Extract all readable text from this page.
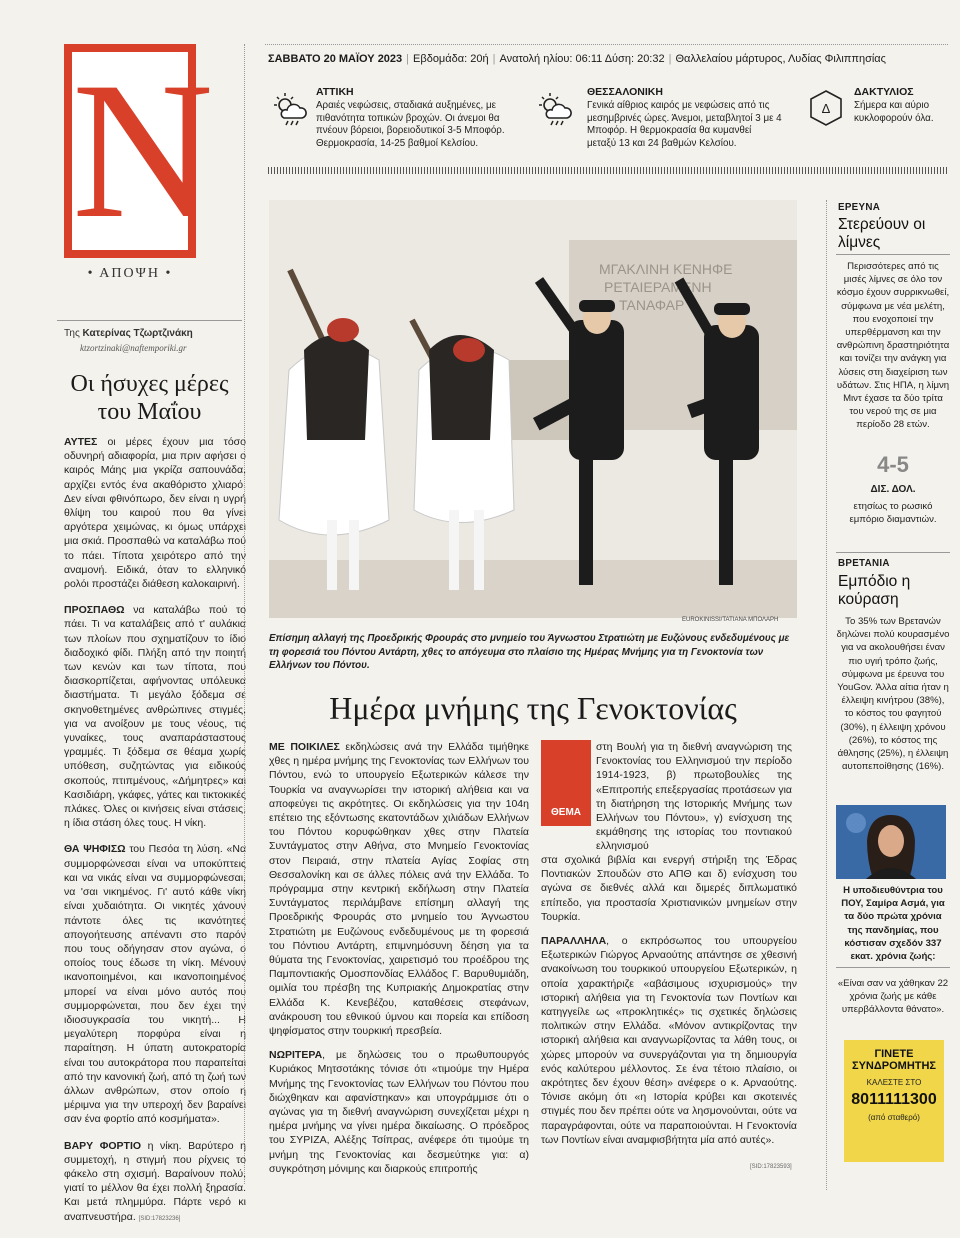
N
• ΑΠΟΨΗ •
Της Κατερίνας Τζωρτζινάκη
ktzortzinaki@naftemporiki.gr
Οι ήσυχες μέρες του Μαΐου

ΑΥΤΕΣ οι μέρες έχουν μια τόσο οδυνηρή αδιαφορία, μια πριν αφήσει ο καιρός Μάης μια γκρίζα σαπουνάδα, αρχίζει εντός ένα ακαθόριστο χλιαρό. Δεν είναι φθινόπωρο, δεν είναι η υγρή θλίψη του καιρού που θα γίνει αργότερα χειμώνας, κι όμως υπάρχει μια σκιά. Προσπαθώ να καταλάβω πού το πάει. Τίποτα χειρότερο από την αναμονή. Ειδικά, όταν το ελληνικό ρολόι προστάζει διάθεση καλοκαιρινή.

ΠΡΟΣΠΑΘΩ να καταλάβω πού το πάει. Τι να καταλάβεις από τ' αυλάκια των πλοίων που σχηματίζουν το ίδιο διαδοχικό φίδι. Πλήξη από την ποιητή των κενών και των τίποτα, που διασκορπίζεται, αφήνοντας υπόλευκα διαστήματα. Τι μεγάλο ξόδεμα σε σκηνοθετημένες ανθρώπινες στιγμές, για να ανοίξουν με τους νέους, τις γυναίκες, τους αναπαράσταστους γραμμές. Τι ξόδεμα σε θέαμα χωρίς υπόθεση, συζητώντας για ειδικούς σκοπούς, πτιπμένους, «Δήμητρες» και Κασιδιάρη, γκάφες, γάτες και τικτοκικές πλάκες. Όλες οι κινήσεις είναι στάσεις, η ίδια στάση όλες τους. Η νίκη.

ΘΑ ΨΗΦΙΣΩ του Πεσόα τη λύση. «Να συμμορφώνεσαι είναι να υποκύπτεις και να νικάς είναι να συμμορφώνεσαι, να 'σαι νικημένος. Γι' αυτό κάθε νίκη είναι χυδαιότητα. Οι νικητές χάνουν πάντοτε όλες τις ικανότητες απογοήτευσης απέναντι στο παρόν που τους οδήγησαν στον αγώνα, ο οποίος τους έδωσε τη νίκη. Μένουν ικανοποιημένοι, και ικανοποιημένος μπορεί να είναι μόνο αυτός που συμμορφώνεται, που δεν έχει την ιδιοσυγκρασία του νικητή... Η μεγαλύτερη πορφύρα είναι η παραίτηση. Η ύπατη αυτοκρατορία είναι του αυτοκράτορα που παραιτείται από την κανονική ζωή, από τη ζωή των άλλων ανθρώπων, στον οποίο η μέριμνα για την υπεροχή δεν βαραίνει σαν ένα φορτίο από κοσμήματα».

ΒΑΡΥ ΦΟΡΤΙΟ η νίκη. Βαρύτερο η συμμετοχή, η στιγμή που ρίχνεις το φάκελο στη σχισμή. Βαραίνουν πολύ, γιατί το μέλλον θα έχει πολλή ξηρασία. Και μετά πλημμύρα. Πάρτε νερό κι αναπνευστήρα. [SID:17823236]

ΣΑΒΒΑΤΟ 20 ΜΑΪΟΥ 2023 | Εβδομάδα: 20ή | Ανατολή ηλίου: 06:11 Δύση: 20:32 | Θαλλελαίου μάρτυρος, Λυδίας Φιλιππησίας
ΑΤΤΙΚΗ
Αραιές νεφώσεις, σταδιακά αυξημένες, με πιθανότητα τοπικών βροχών. Οι άνεμοι θα πνέουν βόρειοι, βορειοδυτικοί 3-5 Μποφόρ. Θερμοκρασία, 14-25 βαθμοί Κελσίου.
ΘΕΣΣΑΛΟΝΙΚΗ
Γενικά αίθριος καιρός με νεφώσεις από τις μεσημβρινές ώρες. Άνεμοι, μεταβλητοί 3 με 4 Μποφόρ. Η θερμοκρασία θα κυμανθεί μεταξύ 13 και 24 βαθμών Κελσίου.
Δ
ΔΑΚΤΥΛΙΟΣ
Σήμερα και αύριο κυκλοφορούν όλα.
ΜΓΑΚΛΙΝΗ ΚΕΝΗΦΕ
ΡΕΤΑΙΕΡΑΜΕΝΗ
ΤΑΝΑΦΑΡ
EUROKINISSI/ΤΑΤΙΑΝΑ ΜΠΟΛΑΡΗ
Επίσημη αλλαγή της Προεδρικής Φρουράς στο μνημείο του Άγνωστου Στρατιώτη με Ευζώνους ενδεδυμένους με τη φορεσιά του Πόντου Αντάρτη, χθες το απόγευμα στο πλαίσιο της Ημέρας Μνήμης για τη Γενοκτονία των Ελλήνων του Πόντου.
Ημέρα μνήμης της Γενοκτονίας

ΜΕ ΠΟΙΚΙΛΕΣ εκδηλώσεις ανά την Ελλάδα τιμήθηκε χθες η ημέρα μνήμης της Γενοκτονίας των Ελλήνων του Πόντου, ενώ το υπουργείο Εξωτερικών κάλεσε την Τουρκία να αναγνωρίσει την ιστορική αλήθεια και να αποφεύγει τις ακρότητες. Οι εκδηλώσεις για την 104η επέτειο της εξόντωσης εκατοντάδων χιλιάδων Ελλήνων του Πόντου κορυφώθηκαν χθες στην Πλατεία Συντάγματος στην Αθήνα, στο Μνημείο Γενοκτονίας στον Πειραιά, στην πλατεία Αγίας Σοφίας στη Θεσσαλονίκη και σε άλλες πόλεις ανά την Ελλάδα. Το πρόγραμμα στην κεντρική εκδήλωση στην Πλατεία Συντάγματος περιλάμβανε επίσημη αλλαγή της Προεδρικής Φρουράς στο μνημείο του Άγνωστου Στρατιώτη με Ευζώνους ενδεδυμένους με τη φορεσιά του Πόντιου Αντάρτη, επιμνημόσυνη δέηση για τα θύματα της Γενοκτονίας, χαιρετισμό του προέδρου της Παμποντιακής Ομοσπονδίας Ελλάδος Γ. Βαρυθυμιάδη, ομιλία του πρέσβη της Κυπριακής Δημοκρατίας στην Ελλάδα Κ. Κενεβέζου, καταθέσεις στεφάνων, ανάκρουση του εθνικού ύμνου και πορεία και επίδοση ψηφίσματος στην τουρκική πρεσβεία.

ΝΩΡΙΤΕΡΑ, με δηλώσεις του ο πρωθυπουργός Κυριάκος Μητσοτάκης τόνισε ότι «τιμούμε την Ημέρα Μνήμης της Γενοκτονίας των Ελλήνων του Πόντου που διώχθηκαν και αφανίστηκαν» και υπογράμμισε ότι ο αγώνας για τη διεθνή αναγνώριση συνεχίζεται μέχρι η ημέρα μνήμης να γίνει ημέρα δικαίωσης. Ο πρόεδρος του ΣΥΡΙΖΑ, Αλέξης Τσίπρας, ανέφερε ότι τιμούμε τη μνήμη της Γενοκτονίας και δεσμεύτηκε για: α) συγκρότηση μόνιμης και διαρκούς επιτροπής

ΘΕΜΑ
στη Βουλή για τη διεθνή αναγνώριση της Γενοκτονίας του Ελληνισμού την περίοδο 1914-1923, β) πρωτοβουλίες της «Επιτροπής επεξεργασίας προτάσεων για τη διατήρηση της Ιστορικής Μνήμης των Ελλήνων του Πόντου», γ) ενίσχυση της εκμάθησης της ιστορίας του ποντιακού ελληνισμού

στα σχολικά βιβλία και ενεργή στήριξη της Έδρας Ποντιακών Σπουδών στο ΑΠΘ και δ) ενίσχυση του αγώνα σε διεθνές αλλά και διμερές διπλωματικό επίπεδο, για προστασία Χριστιανικών μνημείων στην Τουρκία.

ΠΑΡΑΛΛΗΛΑ, ο εκπρόσωπος του υπουργείου Εξωτερικών Γιώργος Αρναούτης απάντησε σε χθεσινή ανακοίνωση του τουρκικού υπουργείου Εξωτερικών, η οποία χαρακτήριζε «αβάσιμους ισχυρισμούς» την ιστορική αλήθεια για τη Γενοκτονία των Ποντίων και κατηγγείλε ως «προκλητικές» τις σχετικές δηλώσεις πολιτικών στην Ελλάδα. «Μόνον αντικρίζοντας την ιστορική αλήθεια και αναγνωρίζοντας τα λάθη τους, οι χώρες μπορούν να συνεργάζονται για τη δημιουργία ενός καλύτερου μέλλοντος. Σε ένα τέτοιο πλαίσιο, οι ακρότητες δεν έχουν θέση» ανέφερε ο κ. Αρναούτης. Τόνισε ακόμη ότι «η Ιστορία κρύβει και σκοτεινές στιγμές που δεν πρέπει ούτε να λησμονούνται, ούτε να παραγράφονται, ούτε να παραποιούνται. Η Γενοκτονία των Ποντίων είναι αναμφισβήτητα μία από αυτές».

[SID:17823593]
ΕΡΕΥΝΑ
Στερεύουν οι λίμνες
Περισσότερες από τις μισές λίμνες σε όλο τον κόσμο έχουν συρρικνωθεί, σύμφωνα με νέα μελέτη, που ενοχοποιεί την υπερθέρμανση και την ανθρώπινη δραστηριότητα και τονίζει την ανάγκη για λύσεις στη διαχείριση των υδάτων. Στις ΗΠΑ, η λίμνη Μιντ έχασε τα δύο τρίτα του νερού της σε μια περίοδο 28 ετών.
4-5
ΔΙΣ. ΔΟΛ.
ετησίως το ρωσικό εμπόριο διαμαντιών.
ΒΡΕΤΑΝΙΑ
Εμπόδιο η κούραση
Το 35% των Βρετανών δηλώνει πολύ κουρασμένο για να ακολουθήσει έναν πιο υγιή τρόπο ζωής, σύμφωνα με έρευνα του YouGov. Άλλα αίτια ήταν η έλλειψη κινήτρου (38%), το κόστος του φαγητού (30%), η έλλειψη χρόνου (26%), το κόστος της άθλησης (25%), η έλλειψη αυτοπεποίθησης (16%).
Η υποδιευθύντρια του ΠΟΥ, Σαμίρα Ασμά, για τα δύο πρώτα χρόνια της πανδημίας, που κόστισαν σχεδόν 337 εκατ. χρόνια ζωής:
«Είναι σαν να χάθηκαν 22 χρόνια ζωής με κάθε υπερβάλλοντα θάνατο».
ΓΙΝΕΤΕ ΣΥΝΔΡΟΜΗΤΗΣ
ΚΑΛΕΣΤΕ ΣΤΟ
8011111300
(από σταθερό)
